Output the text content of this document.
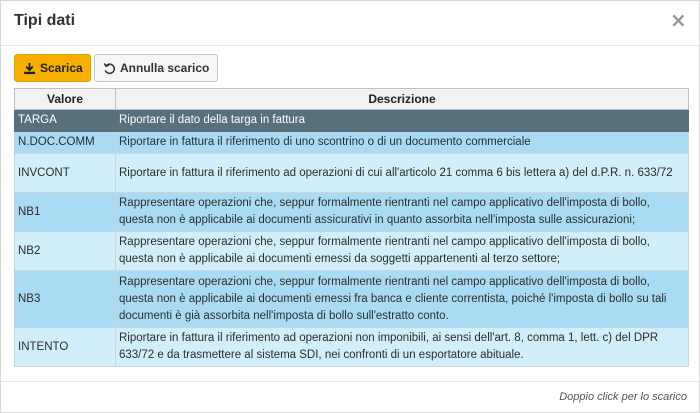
Tipi dati	×
Scarica	Annulla scarico
Valore	Descrizione
TARGA	Riportare il dato della targa in fattura
N.DOC.COMM	Riportare in fattura il riferimento di uno scontrino o di un documento commerciale
INVCONT	Riportare in fattura il riferimento ad operazioni di cui all'articolo 21 comma 6 bis lettera a) del d.P.R. n. 633/72
NB1	Rappresentare operazioni che, seppur formalmente rientranti nel campo applicativo dell'imposta di bollo, questa non è applicabile ai documenti assicurativi in quanto assorbita nell'imposta sulle assicurazioni;
NB2	Rappresentare operazioni che, seppur formalmente rientranti nel campo applicativo dell'imposta di bollo, questa non è applicabile ai documenti emessi da soggetti appartenenti al terzo settore;
NB3	Rappresentare operazioni che, seppur formalmente rientranti nel campo applicativo dell'imposta di bollo, questa non è applicabile ai documenti emessi fra banca e cliente correntista, poiché l'imposta di bollo su tali documenti è già assorbita nell'imposta di bollo sull'estratto conto.
INTENTO	Riportare in fattura il riferimento ad operazioni non imponibili, ai sensi dell'art. 8, comma 1, lett. c) del DPR 633/72 e da trasmettere al sistema SDI, nei confronti di un esportatore abituale.
Doppio click per lo scarico
